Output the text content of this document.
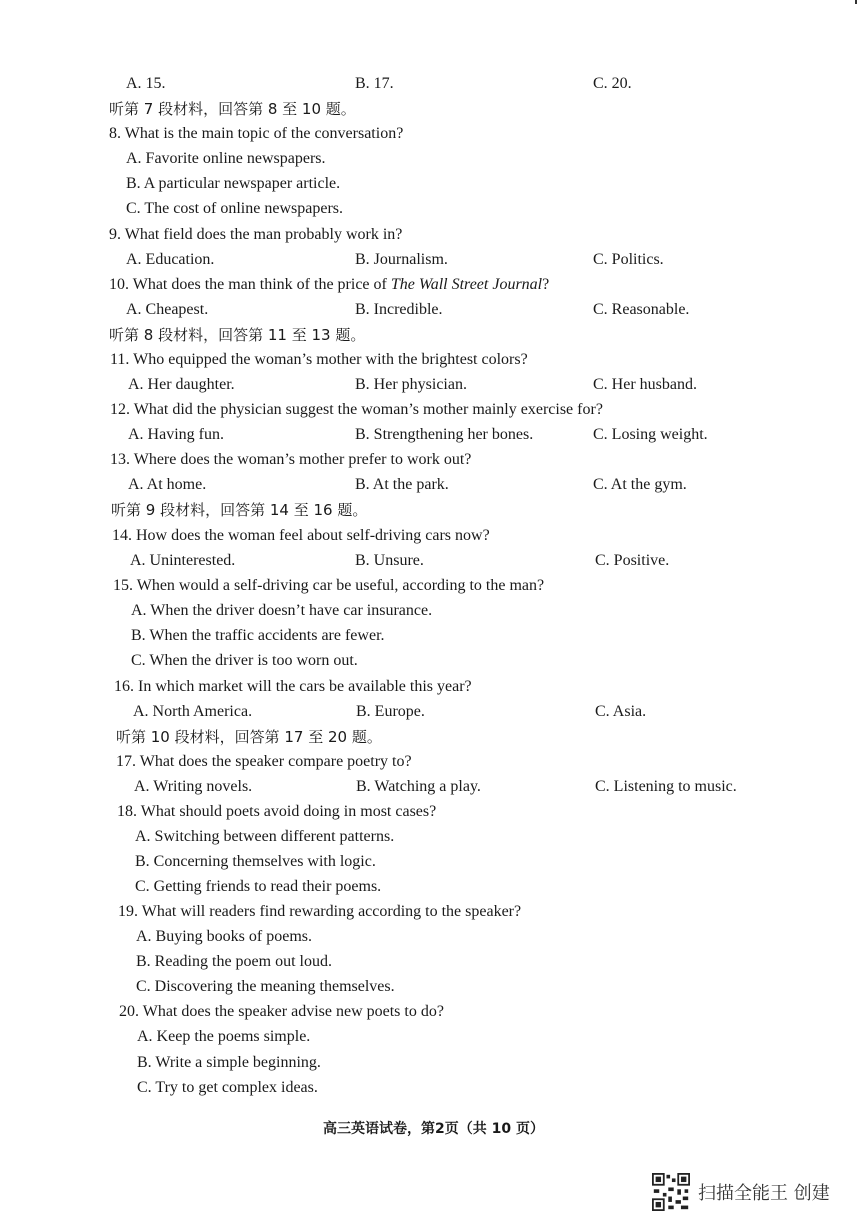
A. 15.	B. 17.	C. 20.
听第 7 段材料，回答第 8 至 10 题。
8. What is the main topic of the conversation?
A. Favorite online newspapers.
B. A particular newspaper article.
C. The cost of online newspapers.
9. What field does the man probably work in?
A. Education.	B. Journalism.	C. Politics.
10. What does the man think of the price of The Wall Street Journal?
A. Cheapest.	B. Incredible.	C. Reasonable.
听第 8 段材料，回答第 11 至 13 题。
11. Who equipped the woman’s mother with the brightest colors?
A. Her daughter.	B. Her physician.	C. Her husband.
12. What did the physician suggest the woman’s mother mainly exercise for?
A. Having fun.	B. Strengthening her bones.	C. Losing weight.
13. Where does the woman’s mother prefer to work out?
A. At home.	B. At the park.	C. At the gym.
听第 9 段材料，回答第 14 至 16 题。
14. How does the woman feel about self-driving cars now?
A. Uninterested.	B. Unsure.	C. Positive.
15. When would a self-driving car be useful, according to the man?
A. When the driver doesn’t have car insurance.
B. When the traffic accidents are fewer.
C. When the driver is too worn out.
16. In which market will the cars be available this year?
A. North America.	B. Europe.	C. Asia.
听第 10 段材料，回答第 17 至 20 题。
17. What does the speaker compare poetry to?
A. Writing novels.	B. Watching a play.	C. Listening to music.
18. What should poets avoid doing in most cases?
A. Switching between different patterns.
B. Concerning themselves with logic.
C. Getting friends to read their poems.
19. What will readers find rewarding according to the speaker?
A. Buying books of poems.
B. Reading the poem out loud.
C. Discovering the meaning themselves.
20. What does the speaker advise new poets to do?
A. Keep the poems simple.
B. Write a simple beginning.
C. Try to get complex ideas.
高三英语试卷，第2页（共 10 页）
扫描全能王 创建
